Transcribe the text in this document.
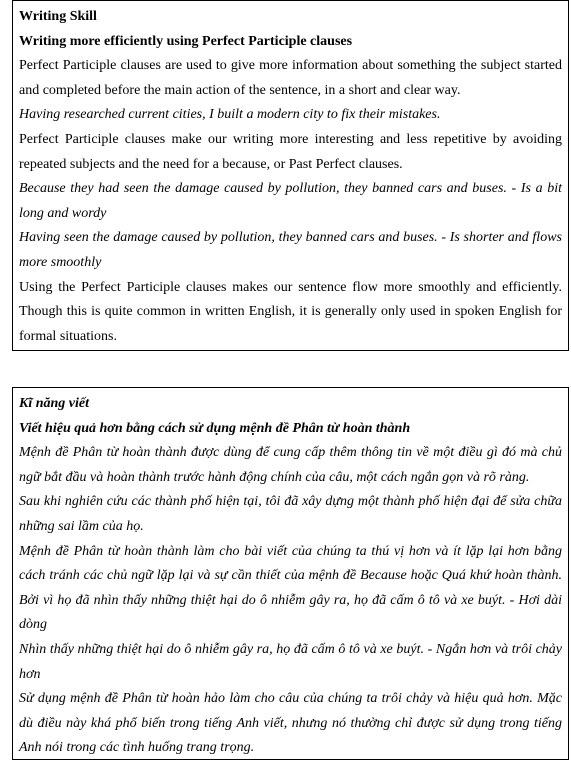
Writing Skill
Writing more efficiently using Perfect Participle clauses
Perfect Participle clauses are used to give more information about something the subject started
and completed before the main action of the sentence, in a short and clear way.
Having researched current cities, I built a modern city to fix their mistakes.
Perfect Participle clauses make our writing more interesting and less repetitive by avoiding
repeated subjects and the need for a because, or Past Perfect clauses.
Because they had seen the damage caused by pollution, they banned cars and buses. - Is a bit
long and wordy
Having seen the damage caused by pollution, they banned cars and buses. - Is shorter and flows
more smoothly
Using the Perfect Participle clauses makes our sentence flow more smoothly and efficiently.
Though this is quite common in written English, it is generally only used in spoken English for
formal situations.
Kĩ năng viết
Viết hiệu quả hơn bằng cách sử dụng mệnh đề Phân từ hoàn thành
Mệnh đề Phân từ hoàn thành được dùng để cung cấp thêm thông tin về một điều gì đó mà chủ
ngữ bắt đầu và hoàn thành trước hành động chính của câu, một cách ngắn gọn và rõ ràng.
Sau khi nghiên cứu các thành phố hiện tại, tôi đã xây dựng một thành phố hiện đại để sửa chữa
những sai lầm của họ.
Mệnh đề Phân từ hoàn thành làm cho bài viết của chúng ta thú vị hơn và ít lặp lại hơn bằng
cách tránh các chủ ngữ lặp lại và sự cần thiết của mệnh đề Because hoặc Quá khứ hoàn thành.
Bởi vì họ đã nhìn thấy những thiệt hại do ô nhiễm gây ra, họ đã cấm ô tô và xe buýt. - Hơi dài
dòng
Nhìn thấy những thiệt hại do ô nhiễm gây ra, họ đã cấm ô tô và xe buýt. - Ngắn hơn và trôi chảy
hơn
Sử dụng mệnh đề Phân từ hoàn hảo làm cho câu của chúng ta trôi chảy và hiệu quả hơn. Mặc
dù điều này khá phổ biến trong tiếng Anh viết, nhưng nó thường chỉ được sử dụng trong tiếng
Anh nói trong các tình huống trang trọng.
